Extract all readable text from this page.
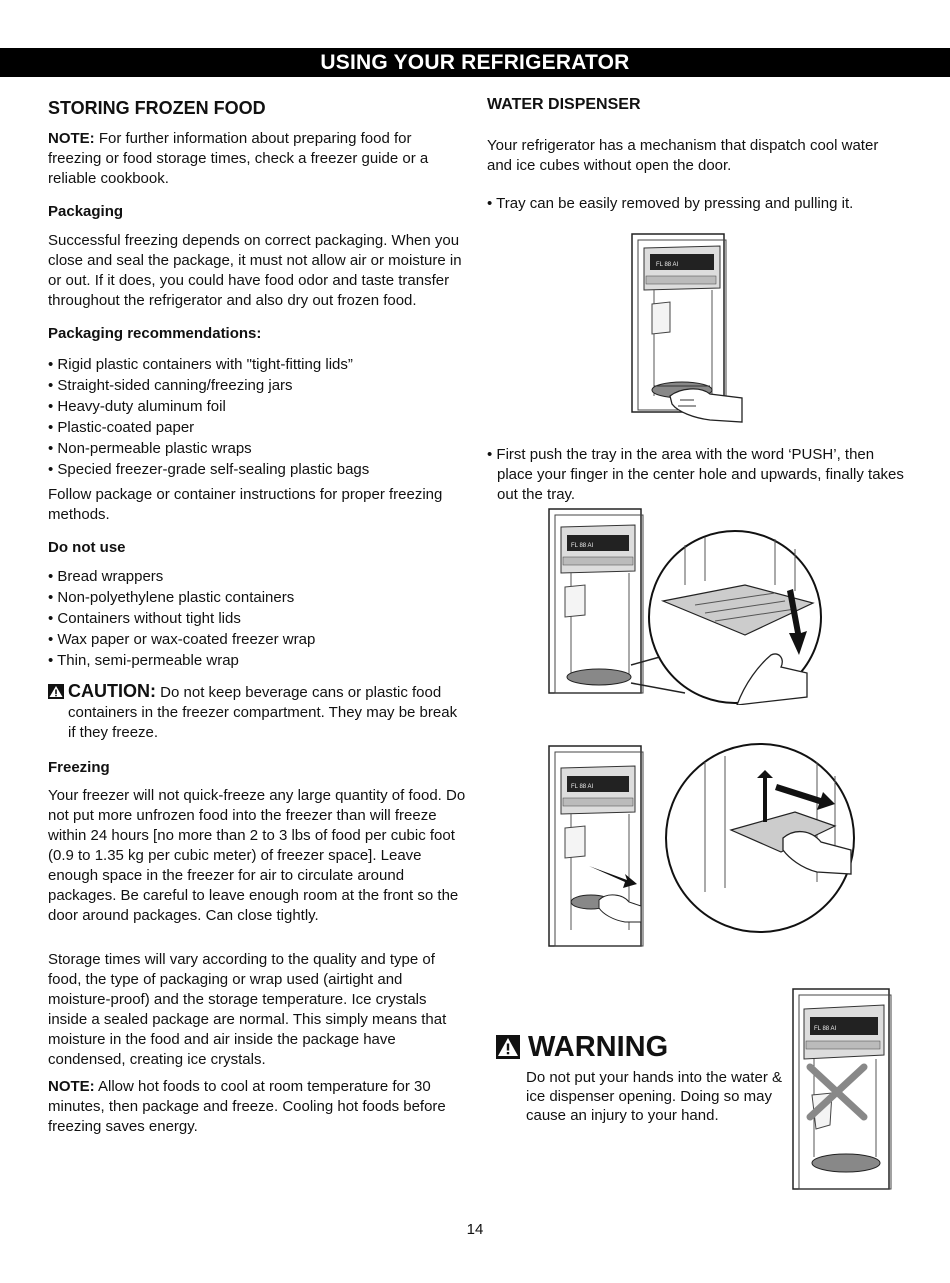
USING YOUR REFRIGERATOR
STORING FROZEN FOOD

NOTE: For further information about preparing food for freezing or food storage times, check a freezer guide or a reliable cookbook.

Packaging

Successful freezing depends on correct packaging. When you close and seal the package, it must not allow air or moisture in or out. If it does, you could have food odor and taste transfer throughout the refrigerator and also dry out frozen food.

Packaging recommendations:
• Rigid plastic containers with "tight-fitting lids”
• Straight-sided canning/freezing jars
• Heavy-duty aluminum foil
• Plastic-coated paper
• Non-permeable plastic wraps
• Specied freezer-grade self-sealing plastic bags

Follow package or container instructions for proper freezing methods.

Do not use
• Bread wrappers
• Non-polyethylene plastic containers
• Containers without tight lids
• Wax paper or wax-coated freezer wrap
• Thin, semi-permeable wrap

CAUTION: Do not keep beverage cans or plastic food containers in the freezer compartment. They may be break if they freeze.

Freezing

Your freezer will not quick-freeze any large quantity of food. Do not put more unfrozen food into the freezer than will freeze within 24 hours [no more than 2 to 3 lbs of food per cubic foot (0.9 to 1.35 kg per cubic meter) of freezer space]. Leave enough space in the freezer for air to circulate around packages. Be careful to leave enough room at the front so the door around packages. Can close tightly.

Storage times will vary according to the quality and type of food, the type of packaging or wrap used (airtight and moisture-proof) and the storage temperature. Ice crystals inside a sealed package are normal. This simply means that moisture in the food and air inside the package have condensed, creating ice crystals.

NOTE: Allow hot foods to cool at room temperature for 30 minutes, then package and freeze. Cooling hot foods before freezing saves energy.

WATER DISPENSER

Your refrigerator has a mechanism that dispatch cool water and ice cubes without open the door.

• Tray can be easily removed by pressing and pulling it.

• First push the tray in the area with the word ‘PUSH’, then place your finger in the center hole and upwards, finally takes out the tray.

FL 88 AI
FL 88 AI
FL 88 AI
WARNING

Do not put your hands into the water & ice dispenser opening. Doing so may cause an injury to your hand.

FL 88 AI
14
